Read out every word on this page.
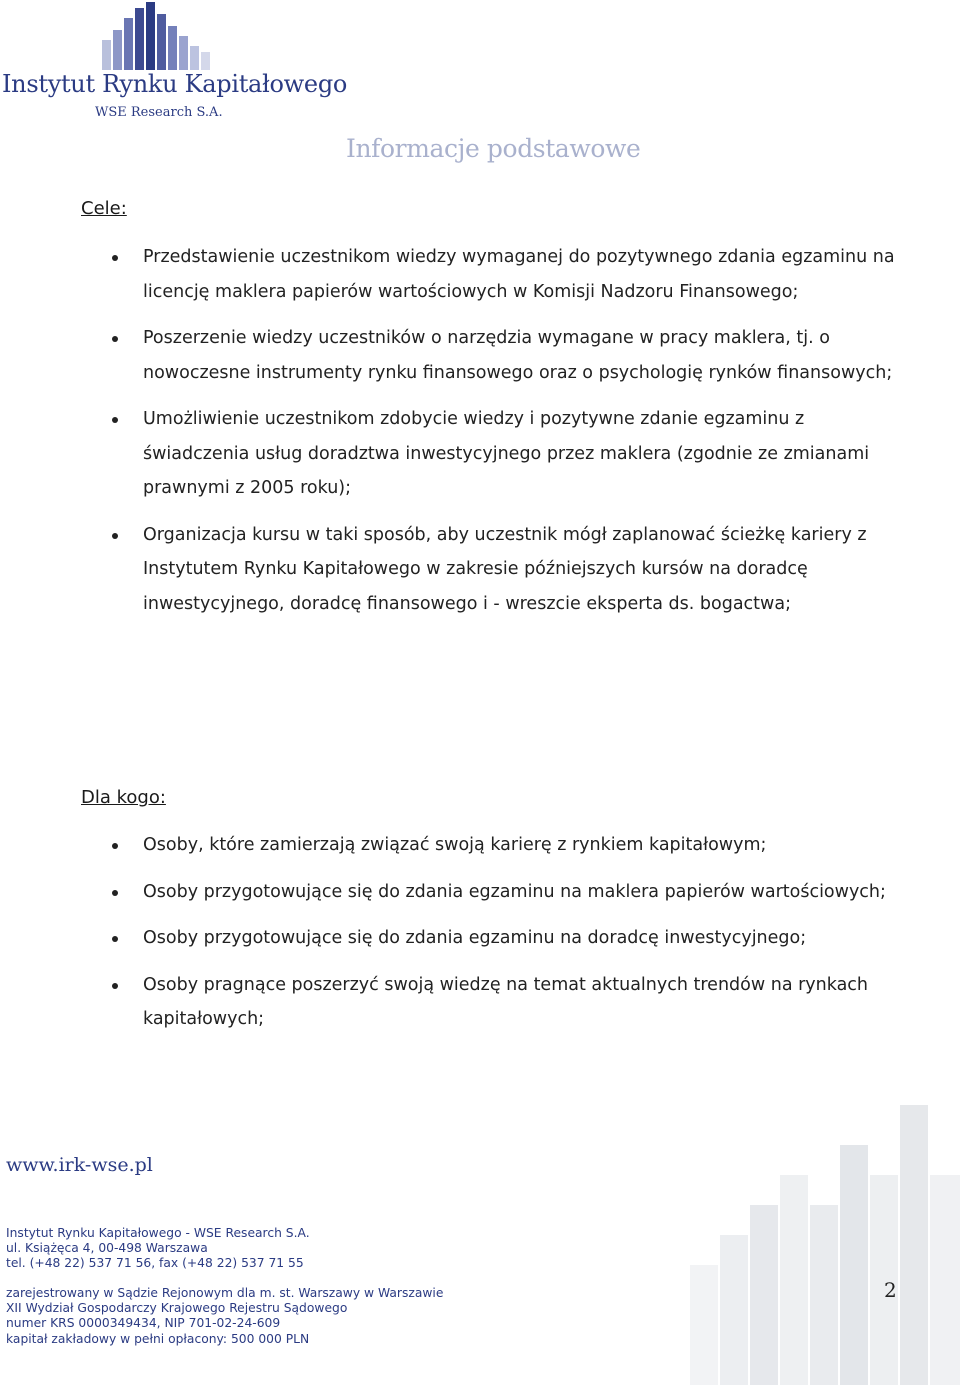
Instytut Rynku Kapitałowego
WSE Research S.A.
Informacje podstawowe
Cele:
Przedstawienie uczestnikom wiedzy wymaganej do pozytywnego zdania egzaminu na licencję maklera papierów wartościowych w Komisji Nadzoru Finansowego;
Poszerzenie wiedzy uczestników o narzędzia wymagane w pracy maklera, tj. o nowoczesne instrumenty rynku finansowego oraz o psychologię rynków finansowych;
Umożliwienie uczestnikom zdobycie wiedzy i pozytywne zdanie egzaminu z świadczenia usług doradztwa inwestycyjnego przez maklera (zgodnie ze zmianami prawnymi z 2005 roku);
Organizacja kursu w taki sposób, aby uczestnik mógł zaplanować ścieżkę kariery z Instytutem Rynku Kapitałowego w zakresie późniejszych kursów na doradcę inwestycyjnego, doradcę finansowego i - wreszcie eksperta ds. bogactwa;
Dla kogo:
Osoby, które zamierzają związać swoją karierę z rynkiem kapitałowym;
Osoby przygotowujące się do zdania egzaminu na maklera papierów wartościowych;
Osoby przygotowujące się do zdania egzaminu na doradcę inwestycyjnego;
Osoby pragnące poszerzyć swoją wiedzę na temat aktualnych trendów na rynkach kapitałowych;
www.irk-wse.pl
Instytut Rynku Kapitałowego - WSE Research S.A.
ul. Książęca 4, 00-498 Warszawa
tel. (+48 22) 537 71 56, fax (+48 22) 537 71 55
zarejestrowany w Sądzie Rejonowym dla m. st. Warszawy w Warszawie
XII Wydział Gospodarczy Krajowego Rejestru Sądowego
numer KRS 0000349434, NIP 701-02-24-609
kapitał zakładowy w pełni opłacony: 500 000 PLN
2
